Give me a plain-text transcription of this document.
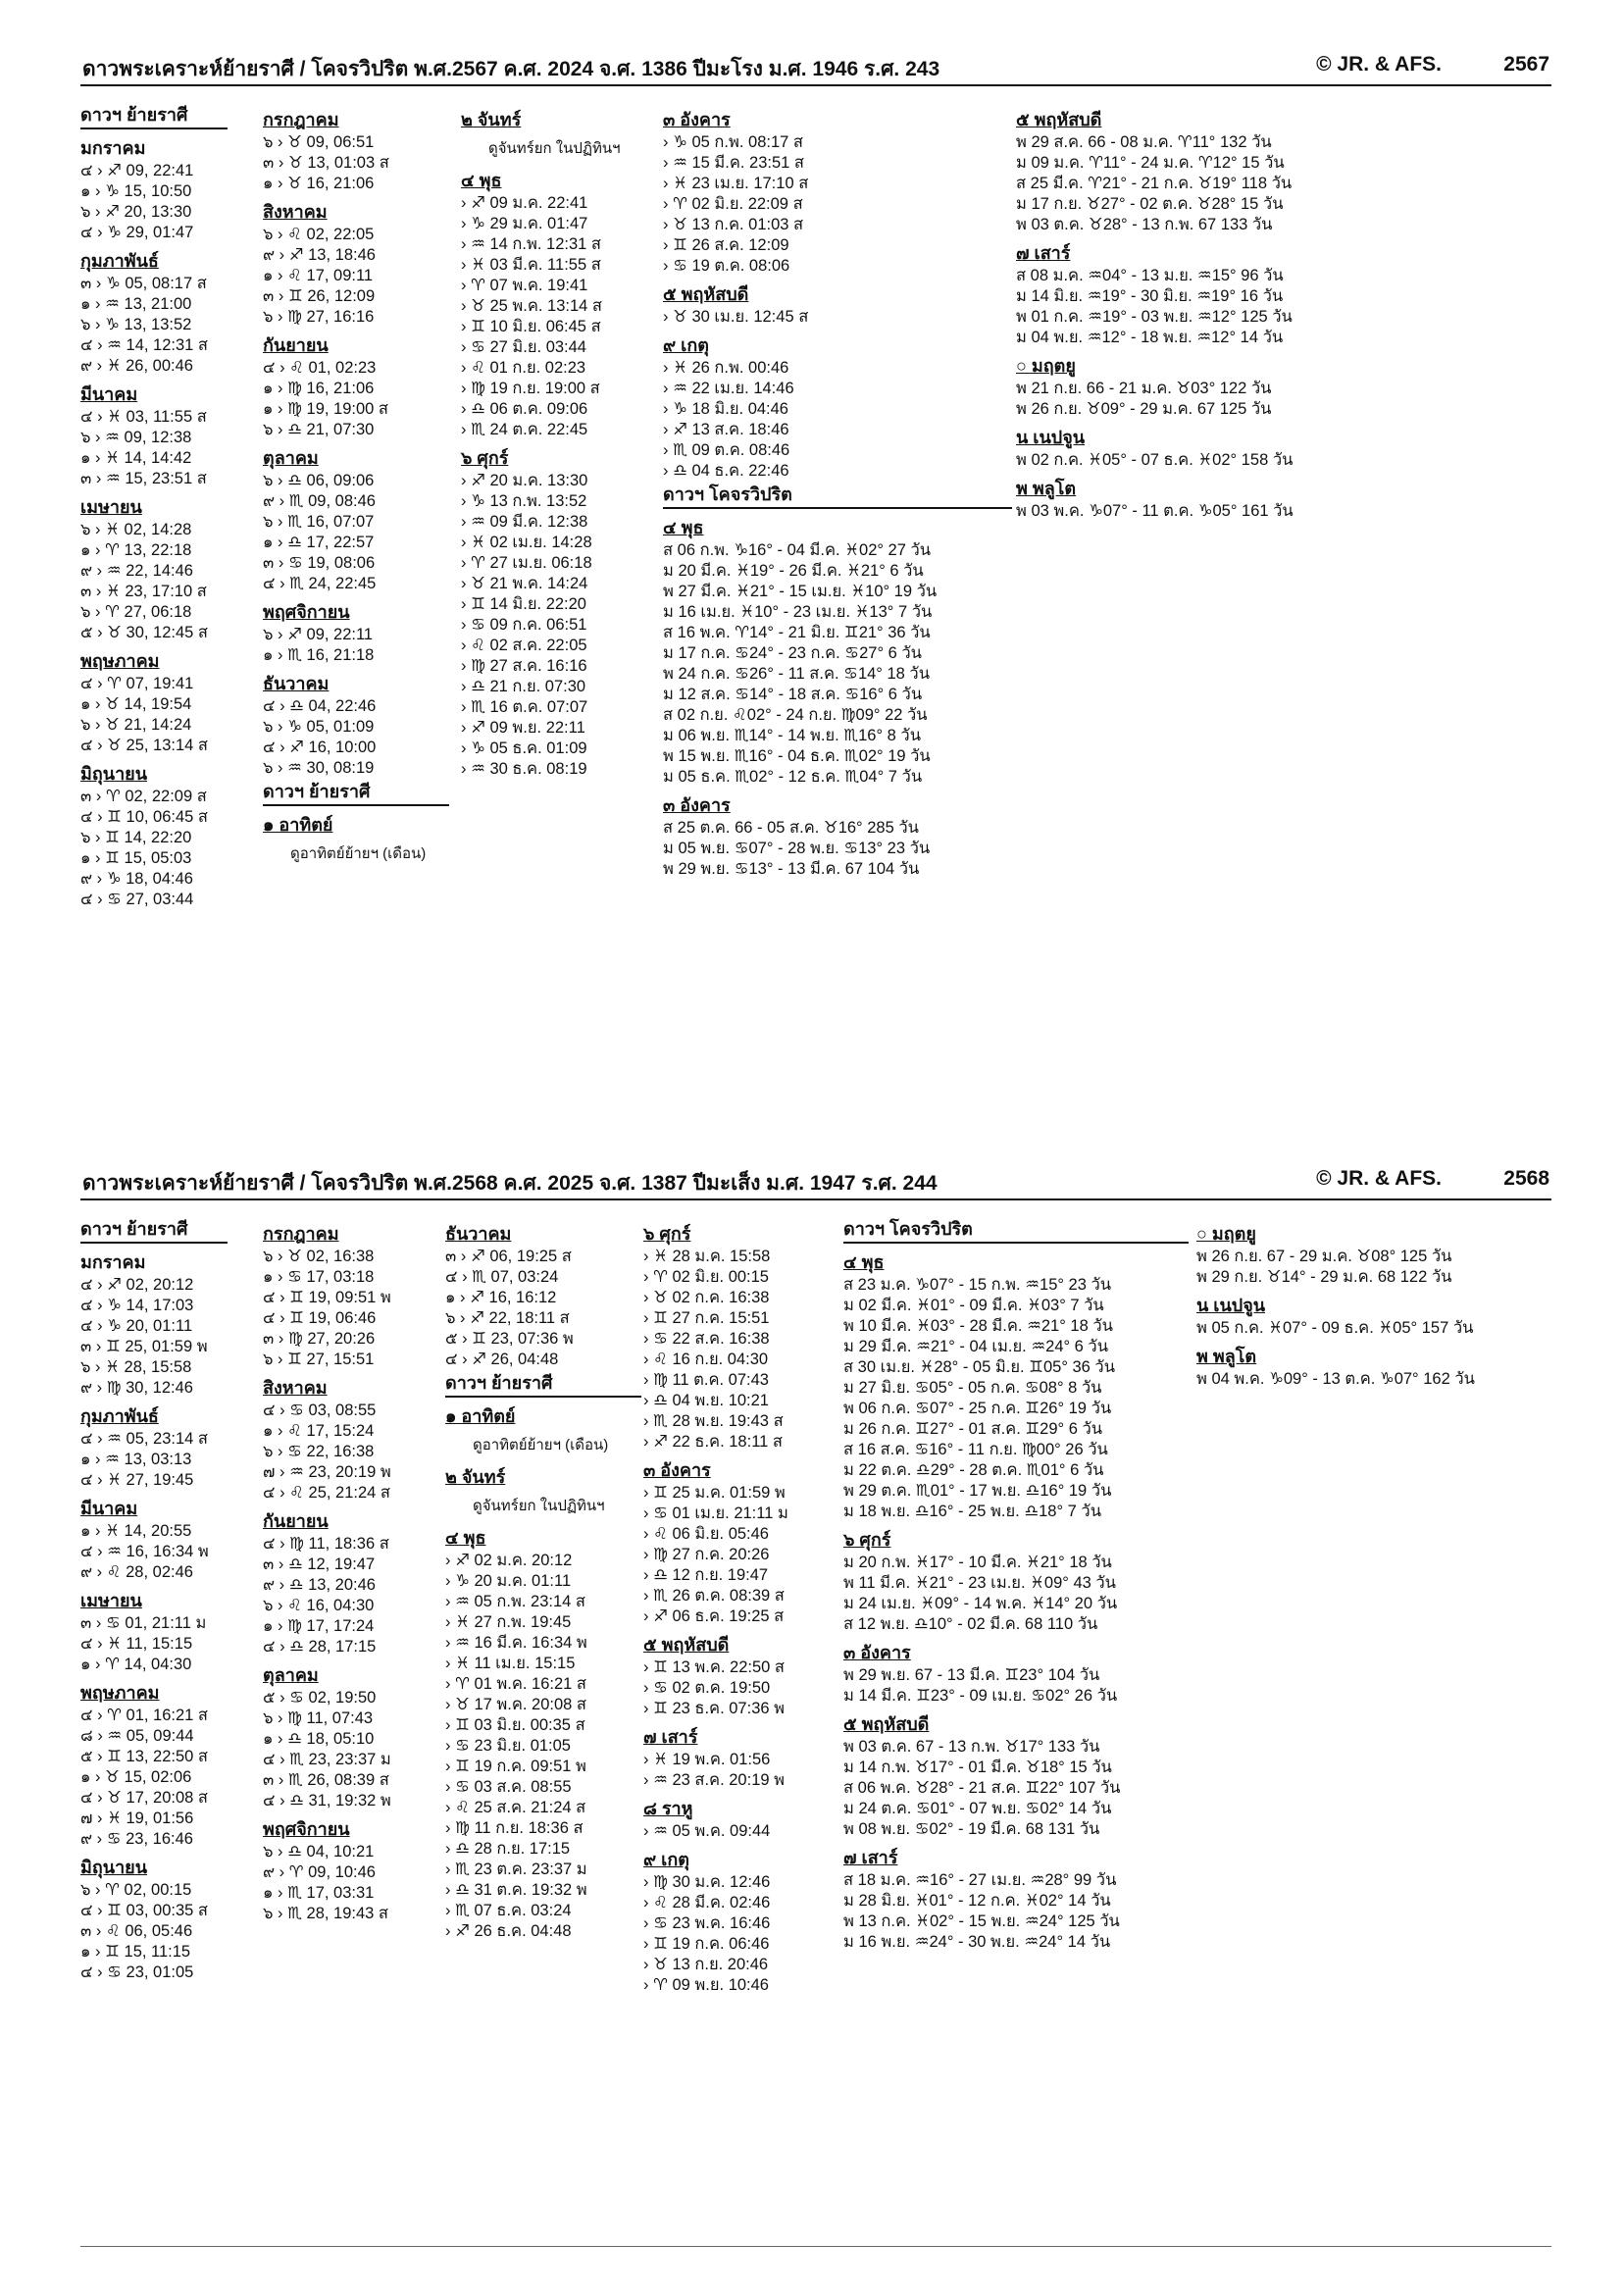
ดาวพระเคราะห์ย้ายราศี / โคจรวิปริต พ.ศ.2567 ค.ศ. 2024 จ.ศ. 1386 ปีมะโรง ม.ศ. 1946 ร.ศ. 243	© JR. & AFS.	2567
ดาวฯ ย้ายราศี
มกราคม
๔ › ♐ 09, 22:41
๑ › ♑ 15, 10:50
๖ › ♐ 20, 13:30
๔ › ♑ 29, 01:47
กุมภาพันธ์
๓ › ♑ 05, 08:17 ส
๑ › ♒ 13, 21:00
๖ › ♑ 13, 13:52
๔ › ♒ 14, 12:31 ส
๙ › ♓ 26, 00:46
มีนาคม
๔ › ♓ 03, 11:55 ส
๖ › ♒ 09, 12:38
๑ › ♓ 14, 14:42
๓ › ♒ 15, 23:51 ส
เมษายน
๖ › ♓ 02, 14:28
๑ › ♈ 13, 22:18
๙ › ♒ 22, 14:46
๓ › ♓ 23, 17:10 ส
๖ › ♈ 27, 06:18
๕ › ♉ 30, 12:45 ส
พฤษภาคม
๔ › ♈ 07, 19:41
๑ › ♉ 14, 19:54
๖ › ♉ 21, 14:24
๔ › ♉ 25, 13:14 ส
มิถุนายน
๓ › ♈ 02, 22:09 ส
๔ › ♊ 10, 06:45 ส
๖ › ♊ 14, 22:20
๑ › ♊ 15, 05:03
๙ › ♑ 18, 04:46
๔ › ♋ 27, 03:44
กรกฎาคม
๖ › ♉ 09, 06:51
๓ › ♉ 13, 01:03 ส
๑ › ♉ 16, 21:06
สิงหาคม
๖ › ♌ 02, 22:05
๙ › ♐ 13, 18:46
๑ › ♌ 17, 09:11
๓ › ♊ 26, 12:09
๖ › ♍ 27, 16:16
กันยายน
๔ › ♌ 01, 02:23
๑ › ♍ 16, 21:06
๑ › ♍ 19, 19:00 ส
๖ › ♎ 21, 07:30
ตุลาคม
๖ › ♎ 06, 09:06
๙ › ♏ 09, 08:46
๖ › ♏ 16, 07:07
๑ › ♎ 17, 22:57
๓ › ♋ 19, 08:06
๔ › ♏ 24, 22:45
พฤศจิกายน
๖ › ♐ 09, 22:11
๑ › ♏ 16, 21:18
ธันวาคม
๔ › ♎ 04, 22:46
๖ › ♑ 05, 01:09
๔ › ♐ 16, 10:00
๖ › ♒ 30, 08:19
ดาวฯ ย้ายราศี
๑ อาทิตย์
ดูอาทิตย์ย้ายฯ (เดือน)
๒ จันทร์
ดูจันทร์ยก ในปฏิทินฯ
๔ พุธ
› ♐ 09 ม.ค. 22:41
› ♑ 29 ม.ค. 01:47
› ♒ 14 ก.พ. 12:31 ส
› ♓ 03 มี.ค. 11:55 ส
› ♈ 07 พ.ค. 19:41
› ♉ 25 พ.ค. 13:14 ส
› ♊ 10 มิ.ย. 06:45 ส
› ♋ 27 มิ.ย. 03:44
› ♌ 01 ก.ย. 02:23
› ♍ 19 ก.ย. 19:00 ส
› ♎ 06 ต.ค. 09:06
› ♏ 24 ต.ค. 22:45
๖ ศุกร์
› ♐ 20 ม.ค. 13:30
› ♑ 13 ก.พ. 13:52
› ♒ 09 มี.ค. 12:38
› ♓ 02 เม.ย. 14:28
› ♈ 27 เม.ย. 06:18
› ♉ 21 พ.ค. 14:24
› ♊ 14 มิ.ย. 22:20
› ♋ 09 ก.ค. 06:51
› ♌ 02 ส.ค. 22:05
› ♍ 27 ส.ค. 16:16
› ♎ 21 ก.ย. 07:30
› ♏ 16 ต.ค. 07:07
› ♐ 09 พ.ย. 22:11
› ♑ 05 ธ.ค. 01:09
› ♒ 30 ธ.ค. 08:19
๓ อังคาร
› ♑ 05 ก.พ. 08:17 ส
› ♒ 15 มี.ค. 23:51 ส
› ♓ 23 เม.ย. 17:10 ส
› ♈ 02 มิ.ย. 22:09 ส
› ♉ 13 ก.ค. 01:03 ส
› ♊ 26 ส.ค. 12:09
› ♋ 19 ต.ค. 08:06
๕ พฤหัสบดี
› ♉ 30 เม.ย. 12:45 ส
๙ เกตุ
› ♓ 26 ก.พ. 00:46
› ♒ 22 เม.ย. 14:46
› ♑ 18 มิ.ย. 04:46
› ♐ 13 ส.ค. 18:46
› ♏ 09 ต.ค. 08:46
› ♎ 04 ธ.ค. 22:46
ดาวฯ โคจรวิปริต
๔ พุธ
ส 06 ก.พ. ♑16° - 04 มี.ค. ♓02° 27 วัน
ม 20 มี.ค. ♓19° - 26 มี.ค. ♓21° 6 วัน
พ 27 มี.ค. ♓21° - 15 เม.ย. ♓10° 19 วัน
ม 16 เม.ย. ♓10° - 23 เม.ย. ♓13° 7 วัน
ส 16 พ.ค. ♈14° - 21 มิ.ย. ♊21° 36 วัน
ม 17 ก.ค. ♋24° - 23 ก.ค. ♋27° 6 วัน
พ 24 ก.ค. ♋26° - 11 ส.ค. ♋14° 18 วัน
ม 12 ส.ค. ♋14° - 18 ส.ค. ♋16° 6 วัน
ส 02 ก.ย. ♌02° - 24 ก.ย. ♍09° 22 วัน
ม 06 พ.ย. ♏14° - 14 พ.ย. ♏16° 8 วัน
พ 15 พ.ย. ♏16° - 04 ธ.ค. ♏02° 19 วัน
ม 05 ธ.ค. ♏02° - 12 ธ.ค. ♏04° 7 วัน
๓ อังคาร
ส 25 ต.ค. 66 - 05 ส.ค. ♉16° 285 วัน
ม 05 พ.ย. ♋07° - 28 พ.ย. ♋13° 23 วัน
พ 29 พ.ย. ♋13° - 13 มี.ค. 67 104 วัน
๕ พฤหัสบดี
พ 29 ส.ค. 66 - 08 ม.ค. ♈11° 132 วัน
ม 09 ม.ค. ♈11° - 24 ม.ค. ♈12° 15 วัน
ส 25 มี.ค. ♈21° - 21 ก.ค. ♉19° 118 วัน
ม 17 ก.ย. ♉27° - 02 ต.ค. ♉28° 15 วัน
พ 03 ต.ค. ♉28° - 13 ก.พ. 67 133 วัน
๗ เสาร์
ส 08 ม.ค. ♒04° - 13 ม.ย. ♒15° 96 วัน
ม 14 มิ.ย. ♒19° - 30 มิ.ย. ♒19° 16 วัน
พ 01 ก.ค. ♒19° - 03 พ.ย. ♒12° 125 วัน
ม 04 พ.ย. ♒12° - 18 พ.ย. ♒12° 14 วัน
○ มฤตยู
พ 21 ก.ย. 66 - 21 ม.ค. ♉03° 122 วัน
พ 26 ก.ย. ♉09° - 29 ม.ค. 67 125 วัน
น เนปจูน
พ 02 ก.ค. ♓05° - 07 ธ.ค. ♓02° 158 วัน
พ พลูโต
พ 03 พ.ค. ♑07° - 11 ต.ค. ♑05° 161 วัน
ดาวพระเคราะห์ย้ายราศี / โคจรวิปริต พ.ศ.2568 ค.ศ. 2025 จ.ศ. 1387 ปีมะเส็ง ม.ศ. 1947 ร.ศ. 244	© JR. & AFS.	2568
ดาวฯ ย้ายราศี
มกราคม
๔ › ♐ 02, 20:12
๔ › ♑ 14, 17:03
๔ › ♑ 20, 01:11
๓ › ♊ 25, 01:59 พ
๖ › ♓ 28, 15:58
๙ › ♍ 30, 12:46
กุมภาพันธ์
๔ › ♒ 05, 23:14 ส
๑ › ♒ 13, 03:13
๔ › ♓ 27, 19:45
มีนาคม
๑ › ♓ 14, 20:55
๔ › ♒ 16, 16:34 พ
๙ › ♌ 28, 02:46
เมษายน
๓ › ♋ 01, 21:11 ม
๔ › ♓ 11, 15:15
๑ › ♈ 14, 04:30
พฤษภาคม
๔ › ♈ 01, 16:21 ส
๘ › ♒ 05, 09:44
๕ › ♊ 13, 22:50 ส
๑ › ♉ 15, 02:06
๔ › ♉ 17, 20:08 ส
๗ › ♓ 19, 01:56
๙ › ♋ 23, 16:46
มิถุนายน
๖ › ♈ 02, 00:15
๔ › ♊ 03, 00:35 ส
๓ › ♌ 06, 05:46
๑ › ♊ 15, 11:15
๔ › ♋ 23, 01:05
กรกฎาคม
๖ › ♉ 02, 16:38
๑ › ♋ 17, 03:18
๔ › ♊ 19, 09:51 พ
๔ › ♊ 19, 06:46
๓ › ♍ 27, 20:26
๖ › ♊ 27, 15:51
สิงหาคม
๔ › ♋ 03, 08:55
๑ › ♌ 17, 15:24
๖ › ♋ 22, 16:38
๗ › ♒ 23, 20:19 พ
๔ › ♌ 25, 21:24 ส
กันยายน
๔ › ♍ 11, 18:36 ส
๓ › ♎ 12, 19:47
๙ › ♎ 13, 20:46
๖ › ♌ 16, 04:30
๑ › ♍ 17, 17:24
๔ › ♎ 28, 17:15
ตุลาคม
๕ › ♋ 02, 19:50
๖ › ♍ 11, 07:43
๑ › ♎ 18, 05:10
๔ › ♏ 23, 23:37 ม
๓ › ♏ 26, 08:39 ส
๔ › ♎ 31, 19:32 พ
พฤศจิกายน
๖ › ♎ 04, 10:21
๙ › ♈ 09, 10:46
๑ › ♏ 17, 03:31
๖ › ♏ 28, 19:43 ส
ธันวาคม
๓ › ♐ 06, 19:25 ส
๔ › ♏ 07, 03:24
๑ › ♐ 16, 16:12
๖ › ♐ 22, 18:11 ส
๕ › ♊ 23, 07:36 พ
๔ › ♐ 26, 04:48
ดาวฯ ย้ายราศี
๑ อาทิตย์
ดูอาทิตย์ย้ายฯ (เดือน)
๒ จันทร์
ดูจันทร์ยก ในปฏิทินฯ
๔ พุธ
› ♐ 02 ม.ค. 20:12
› ♑ 20 ม.ค. 01:11
› ♒ 05 ก.พ. 23:14 ส
› ♓ 27 ก.พ. 19:45
› ♒ 16 มี.ค. 16:34 พ
› ♓ 11 เม.ย. 15:15
› ♈ 01 พ.ค. 16:21 ส
› ♉ 17 พ.ค. 20:08 ส
› ♊ 03 มิ.ย. 00:35 ส
› ♋ 23 มิ.ย. 01:05
› ♊ 19 ก.ค. 09:51 พ
› ♋ 03 ส.ค. 08:55
› ♌ 25 ส.ค. 21:24 ส
› ♍ 11 ก.ย. 18:36 ส
› ♎ 28 ก.ย. 17:15
› ♏ 23 ต.ค. 23:37 ม
› ♎ 31 ต.ค. 19:32 พ
› ♏ 07 ธ.ค. 03:24
› ♐ 26 ธ.ค. 04:48
๖ ศุกร์
› ♓ 28 ม.ค. 15:58
› ♈ 02 มิ.ย. 00:15
› ♉ 02 ก.ค. 16:38
› ♊ 27 ก.ค. 15:51
› ♋ 22 ส.ค. 16:38
› ♌ 16 ก.ย. 04:30
› ♍ 11 ต.ค. 07:43
› ♎ 04 พ.ย. 10:21
› ♏ 28 พ.ย. 19:43 ส
› ♐ 22 ธ.ค. 18:11 ส
๓ อังคาร
› ♊ 25 ม.ค. 01:59 พ
› ♋ 01 เม.ย. 21:11 ม
› ♌ 06 มิ.ย. 05:46
› ♍ 27 ก.ค. 20:26
› ♎ 12 ก.ย. 19:47
› ♏ 26 ต.ค. 08:39 ส
› ♐ 06 ธ.ค. 19:25 ส
๕ พฤหัสบดี
› ♊ 13 พ.ค. 22:50 ส
› ♋ 02 ต.ค. 19:50
› ♊ 23 ธ.ค. 07:36 พ
๗ เสาร์
› ♓ 19 พ.ค. 01:56
› ♒ 23 ส.ค. 20:19 พ
๘ ราหู
› ♒ 05 พ.ค. 09:44
๙ เกตุ
› ♍ 30 ม.ค. 12:46
› ♌ 28 มี.ค. 02:46
› ♋ 23 พ.ค. 16:46
› ♊ 19 ก.ค. 06:46
› ♉ 13 ก.ย. 20:46
› ♈ 09 พ.ย. 10:46
ดาวฯ โคจรวิปริต
๔ พุธ
ส 23 ม.ค. ♑07° - 15 ก.พ. ♒15° 23 วัน
ม 02 มี.ค. ♓01° - 09 มี.ค. ♓03° 7 วัน
พ 10 มี.ค. ♓03° - 28 มี.ค. ♒21° 18 วัน
ม 29 มี.ค. ♒21° - 04 เม.ย. ♒24° 6 วัน
ส 30 เม.ย. ♓28° - 05 มิ.ย. ♊05° 36 วัน
ม 27 มิ.ย. ♋05° - 05 ก.ค. ♋08° 8 วัน
พ 06 ก.ค. ♋07° - 25 ก.ค. ♊26° 19 วัน
ม 26 ก.ค. ♊27° - 01 ส.ค. ♊29° 6 วัน
ส 16 ส.ค. ♋16° - 11 ก.ย. ♍00° 26 วัน
ม 22 ต.ค. ♎29° - 28 ต.ค. ♏01° 6 วัน
พ 29 ต.ค. ♏01° - 17 พ.ย. ♎16° 19 วัน
ม 18 พ.ย. ♎16° - 25 พ.ย. ♎18° 7 วัน
๖ ศุกร์
ม 20 ก.พ. ♓17° - 10 มี.ค. ♓21° 18 วัน
พ 11 มี.ค. ♓21° - 23 เม.ย. ♓09° 43 วัน
ม 24 เม.ย. ♓09° - 14 พ.ค. ♓14° 20 วัน
ส 12 พ.ย. ♎10° - 02 มี.ค. 68 110 วัน
๓ อังคาร
พ 29 พ.ย. 67 - 13 มี.ค. ♊23° 104 วัน
ม 14 มี.ค. ♊23° - 09 เม.ย. ♋02° 26 วัน
๕ พฤหัสบดี
พ 03 ต.ค. 67 - 13 ก.พ. ♉17° 133 วัน
ม 14 ก.พ. ♉17° - 01 มี.ค. ♉18° 15 วัน
ส 06 พ.ค. ♉28° - 21 ส.ค. ♊22° 107 วัน
ม 24 ต.ค. ♋01° - 07 พ.ย. ♋02° 14 วัน
พ 08 พ.ย. ♋02° - 19 มี.ค. 68 131 วัน
๗ เสาร์
ส 18 ม.ค. ♒16° - 27 เม.ย. ♒28° 99 วัน
ม 28 มิ.ย. ♓01° - 12 ก.ค. ♓02° 14 วัน
พ 13 ก.ค. ♓02° - 15 พ.ย. ♒24° 125 วัน
ม 16 พ.ย. ♒24° - 30 พ.ย. ♒24° 14 วัน
○ มฤตยู
พ 26 ก.ย. 67 - 29 ม.ค. ♉08° 125 วัน
พ 29 ก.ย. ♉14° - 29 ม.ค. 68 122 วัน
น เนปจูน
พ 05 ก.ค. ♓07° - 09 ธ.ค. ♓05° 157 วัน
พ พลูโต
พ 04 พ.ค. ♑09° - 13 ต.ค. ♑07° 162 วัน
